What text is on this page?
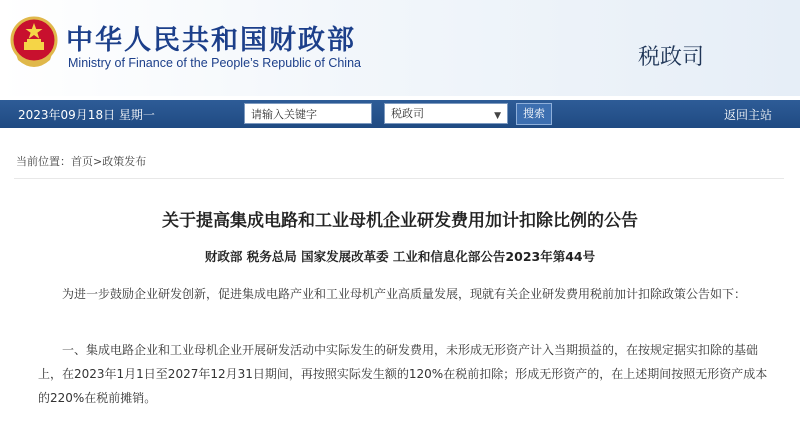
中华人民共和国财政部
Ministry of Finance of the People’s Republic of China	税政司
2023年09月18日 星期一
请输入关键字	税政司	▼	搜索	返回主站
当前位置：首页>政策发布
关于提高集成电路和工业母机企业研发费用加计扣除比例的公告
财政部 税务总局 国家发展改革委 工业和信息化部公告2023年第44号
为进一步鼓励企业研发创新，促进集成电路产业和工业母机产业高质量发展，现就有关企业研发费用税前加计扣除政策公告如下：
一、集成电路企业和工业母机企业开展研发活动中实际发生的研发费用，未形成无形资产计入当期损益的，在按规定据实扣除的基础上，在2023年1月1日至2027年12月31日期间，再按照实际发生额的120%在税前扣除；形成无形资产的，在上述期间按照无形资产成本的220%在税前摊销。
